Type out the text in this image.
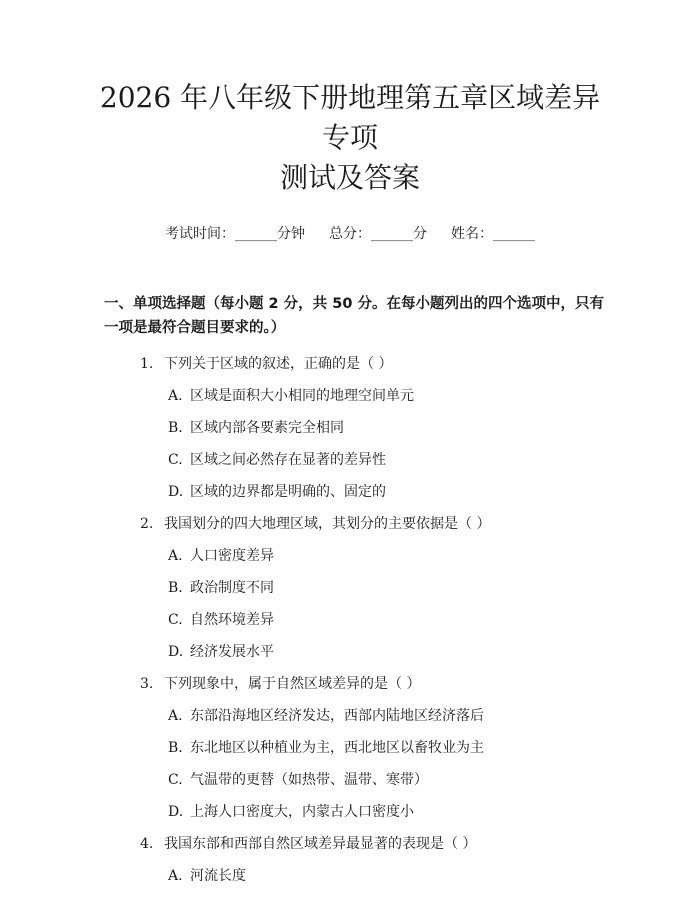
2026 年八年级下册地理第五章区域差异专项
测试及答案
考试时间：______分钟 总分：______分 姓名：______
一、单项选择题（每小题 2 分，共 50 分。在每小题列出的四个选项中，只有一项是最符合题目要求的。）
1. 下列关于区域的叙述，正确的是（ ）
A. 区域是面积大小相同的地理空间单元
B. 区域内部各要素完全相同
C. 区域之间必然存在显著的差异性
D. 区域的边界都是明确的、固定的
2. 我国划分的四大地理区域，其划分的主要依据是（ ）
A. 人口密度差异
B. 政治制度不同
C. 自然环境差异
D. 经济发展水平
3. 下列现象中，属于自然区域差异的是（ ）
A. 东部沿海地区经济发达，西部内陆地区经济落后
B. 东北地区以种植业为主，西北地区以畜牧业为主
C. 气温带的更替（如热带、温带、寒带）
D. 上海人口密度大，内蒙古人口密度小
4. 我国东部和西部自然区域差异最显著的表现是（ ）
A. 河流长度
